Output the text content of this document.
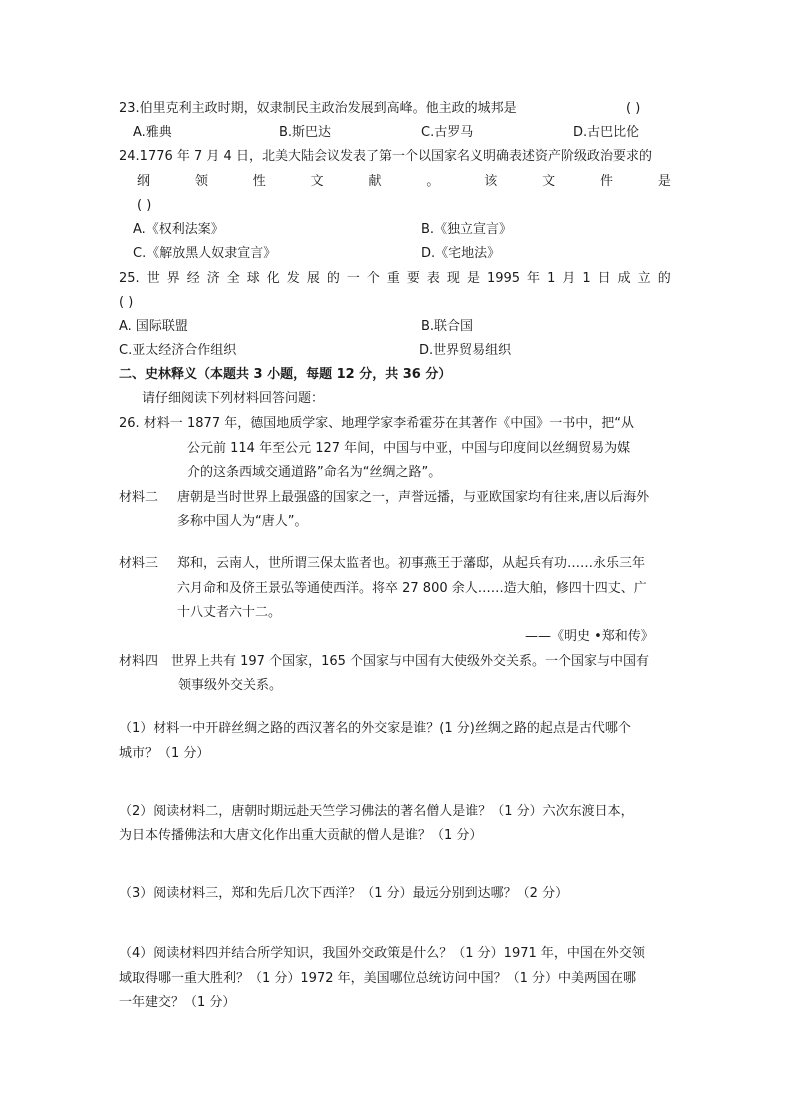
23.伯里克利主政时期，奴隶制民主政治发展到高峰。他主政的城邦是	( )
A.雅典	B.斯巴达	C.古罗马	D.古巴比伦
24.1776 年 7 月 4 日，北美大陆会议发表了第一个以国家名义明确表述资产阶级政治要求的
纲	领	性	文	献	。	该	文	件	是
( )
A.《权利法案》	B.《独立宣言》
C.《解放黑人奴隶宣言》	D.《宅地法》
25. 世 界 经 济 全 球 化 发 展 的 一 个 重 要 表 现 是 1995 年 1 月 1 日 成 立 的
( )
A. 国际联盟	B.联合国
C.亚太经济合作组织	D.世界贸易组织
二、史林释义（本题共 3 小题，每题 12 分，共 36 分）
请仔细阅读下列材料回答问题：
26. 材料一 1877 年，德国地质学家、地理学家李希霍芬在其著作《中国》一书中，把“从
公元前 114 年至公元 127 年间，中国与中亚，中国与印度间以丝绸贸易为媒
介的这条西域交通道路”命名为“丝绸之路”。
材料二 唐朝是当时世界上最强盛的国家之一，声誉远播，与亚欧国家均有往来,唐以后海外
多称中国人为“唐人”。
材料三 郑和，云南人，世所谓三保太监者也。初事燕王于藩邸，从起兵有功……永乐三年
六月命和及侪王景弘等通使西洋。将卒 27 800 余人……造大舶，修四十四丈、广
十八丈者六十二。
——《明史 •郑和传》
材料四 世界上共有 197 个国家，165 个国家与中国有大使级外交关系。一个国家与中国有
领事级外交关系。
（1）材料一中开辟丝绸之路的西汉著名的外交家是谁？(1 分)丝绸之路的起点是古代哪个
城市？（1 分）
（2）阅读材料二，唐朝时期远赴天竺学习佛法的著名僧人是谁？（1 分）六次东渡日本，
为日本传播佛法和大唐文化作出重大贡献的僧人是谁？（1 分）
（3）阅读材料三，郑和先后几次下西洋？（1 分）最远分别到达哪？（2 分）
（4）阅读材料四并结合所学知识，我国外交政策是什么？（1 分）1971 年，中国在外交领
域取得哪一重大胜利？（1 分）1972 年，美国哪位总统访问中国？（1 分）中美两国在哪
一年建交？（1 分）
